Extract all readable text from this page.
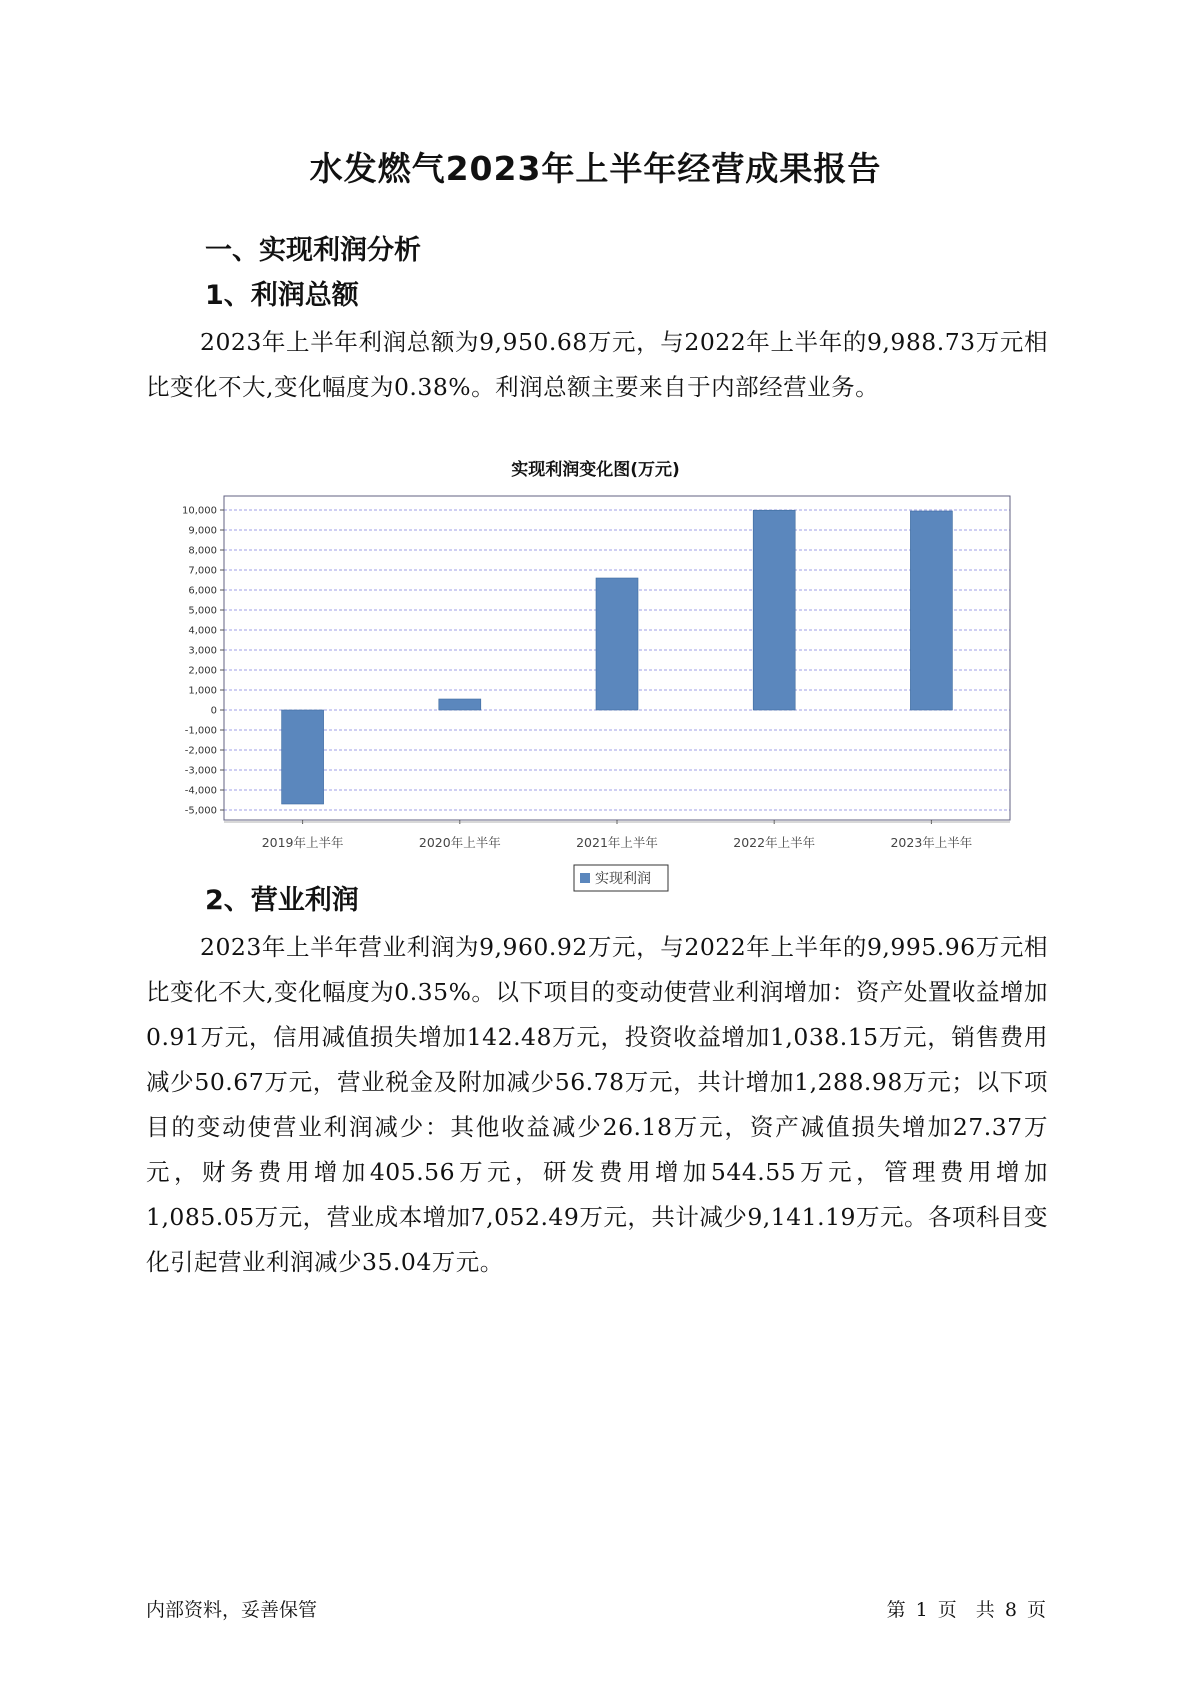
水发燃气2023年上半年经营成果报告
一、实现利润分析
1、利润总额

2023年上半年利润总额为9,950.68万元，与2022年上半年的9,988.73万元相比变化不大,变化幅度为0.38%。利润总额主要来自于内部经营业务。

实现利润变化图(万元)
-5,000
-4,000
-3,000
-2,000
-1,000
0
1,000
2,000
3,000
4,000
5,000
6,000
7,000
8,000
9,000
10,000
2019年上半年	2020年上半年	2021年上半年	2022年上半年	2023年上半年
实现利润
2、营业利润

2023年上半年营业利润为9,960.92万元，与2022年上半年的9,995.96万元相比变化不大,变化幅度为0.35%。以下项目的变动使营业利润增加：资产处置收益增加0.91万元，信用减值损失增加142.48万元，投资收益增加1,038.15万元，销售费用减少50.67万元，营业税金及附加减少56.78万元，共计增加1,288.98万元；以下项目的变动使营业利润减少：其他收益减少26.18万元，资产减值损失增加27.37万元，财务费用增加405.56万元，研发费用增加544.55万元，管理费用增加1,085.05万元，营业成本增加7,052.49万元，共计减少9,141.19万元。各项科目变化引起营业利润减少35.04万元。

内部资料，妥善保管	第 1 页　共 8 页
